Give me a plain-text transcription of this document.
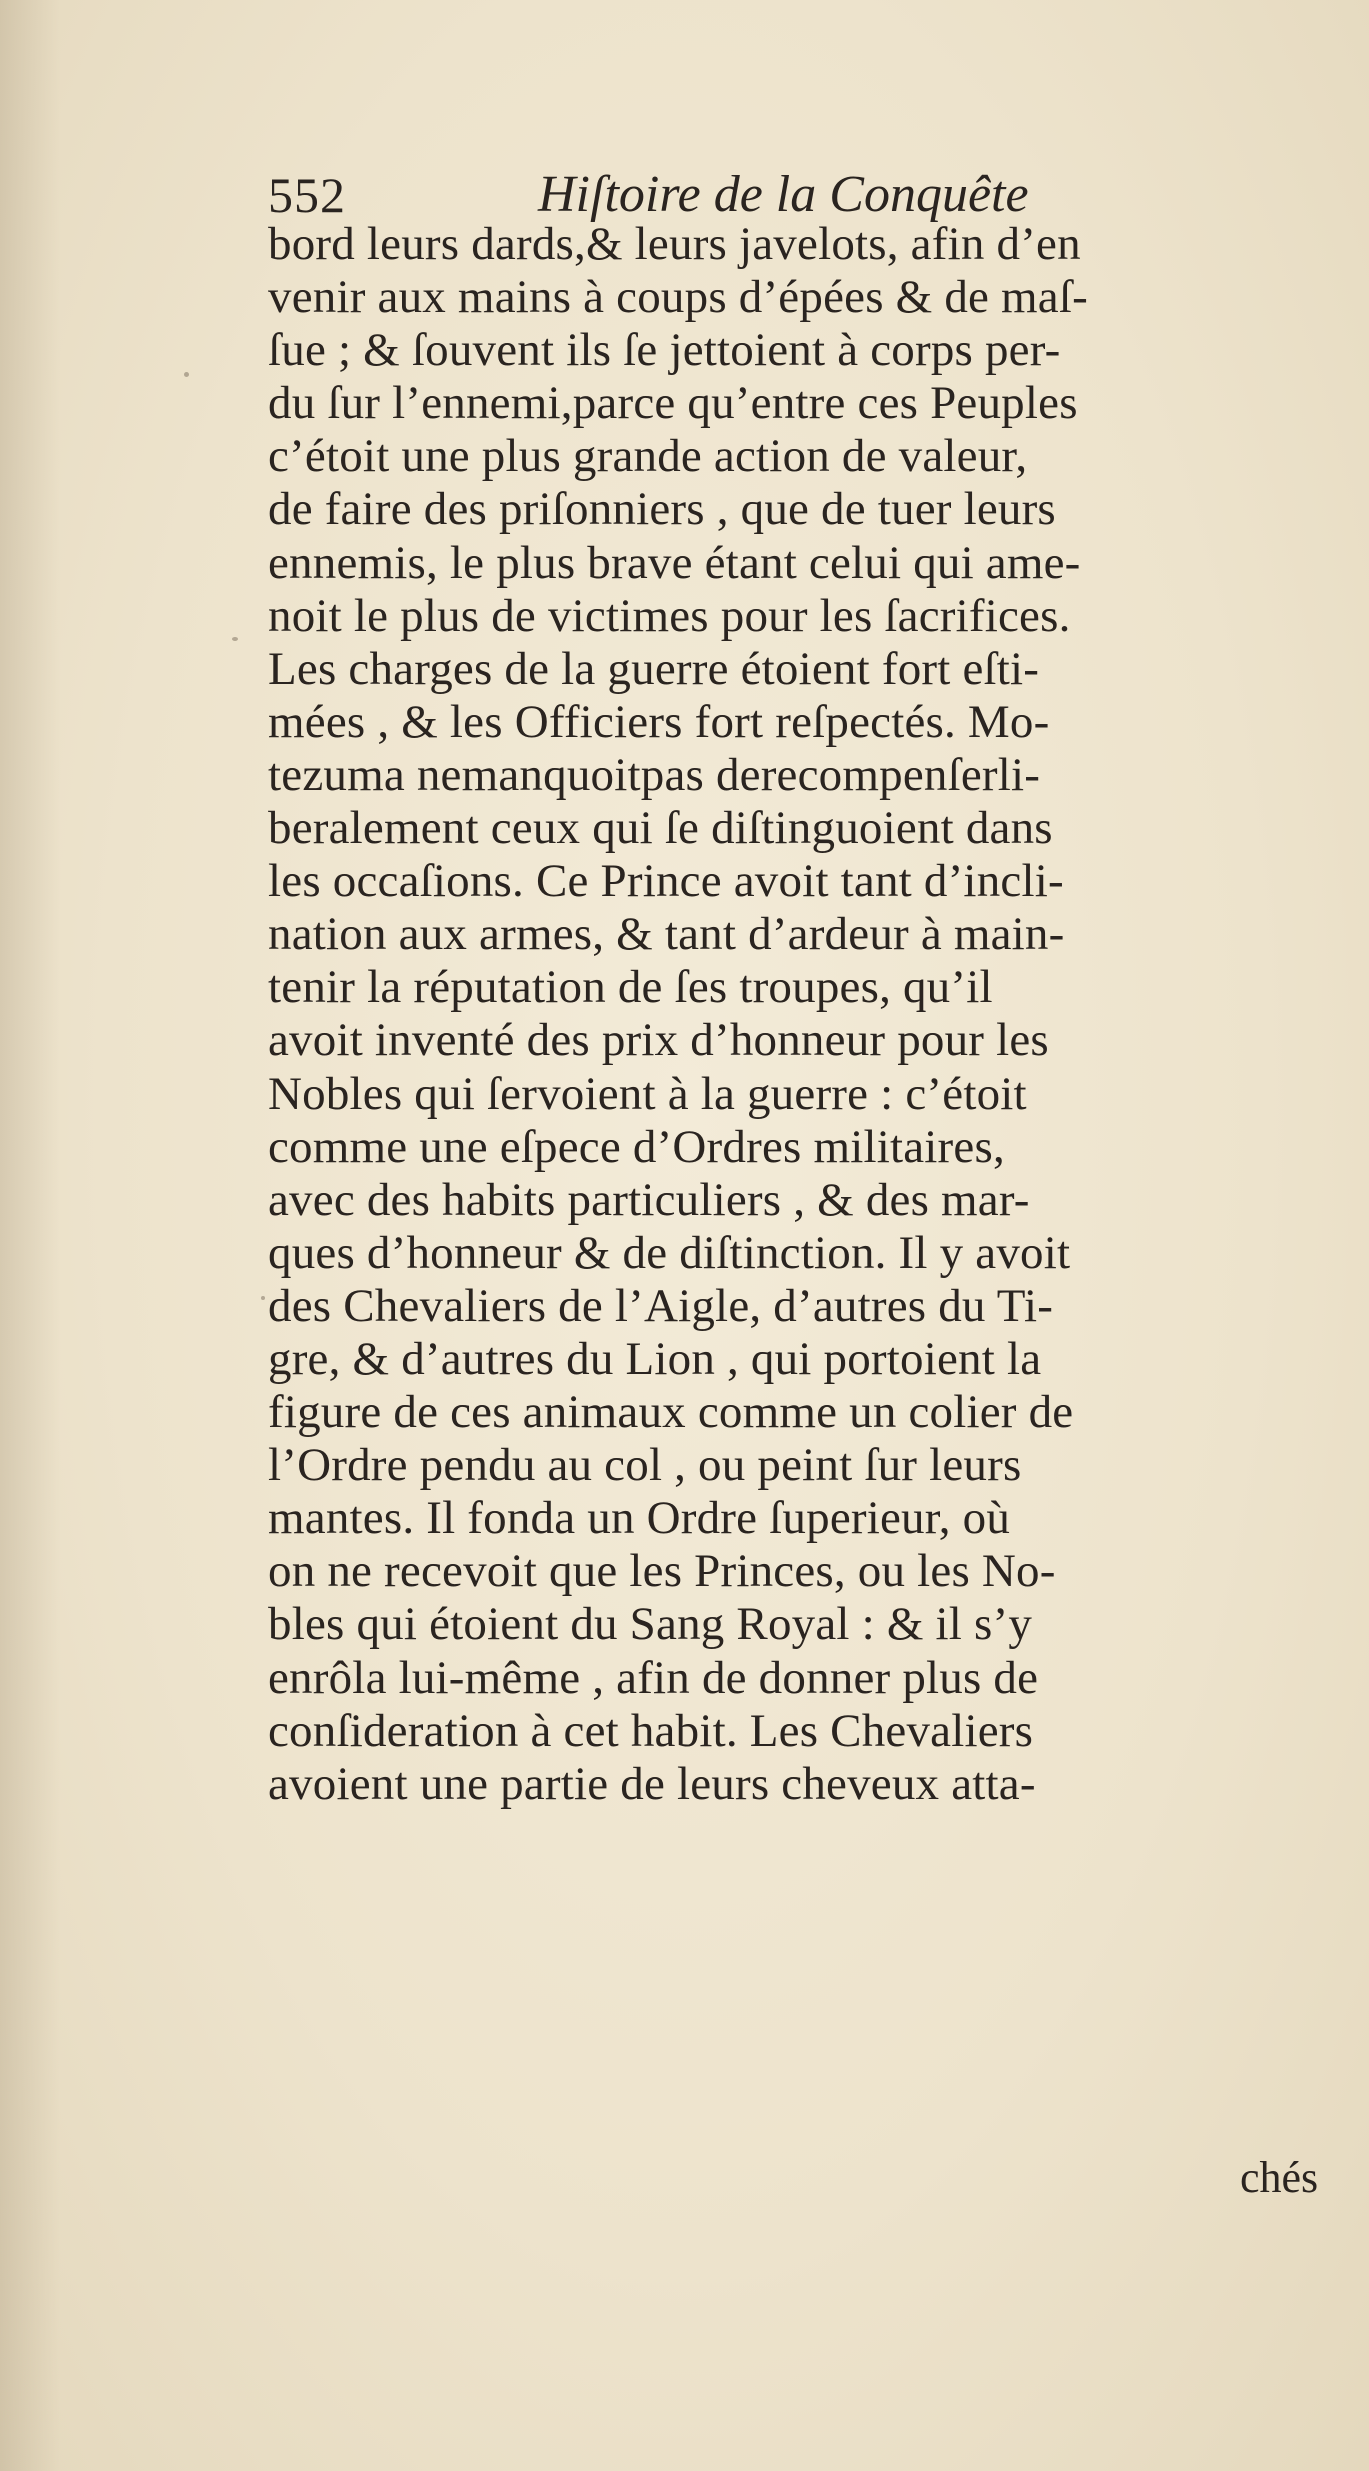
552	Hiſtoire de la Conquête
bord leurs dards,& leurs javelots, afin d’en
venir aux mains à coups d’épées & de maſ-
ſue ; & ſouvent ils ſe jettoient à corps per-
du ſur l’ennemi,parce qu’entre ces Peuples
c’étoit une plus grande action de valeur,
de faire des priſonniers , que de tuer leurs
ennemis, le plus brave étant celui qui ame-
noit le plus de victimes pour les ſacrifices.
Les charges de la guerre étoient fort eſti-
mées , & les Officiers fort reſpectés. Mo-
tezuma nemanquoitpas derecompenſerli-
beralement ceux qui ſe diſtinguoient dans
les occaſions. Ce Prince avoit tant d’incli-
nation aux armes, & tant d’ardeur à main-
tenir la réputation de ſes troupes, qu’il
avoit inventé des prix d’honneur pour les
Nobles qui ſervoient à la guerre : c’étoit
comme une eſpece d’Ordres militaires,
avec des habits particuliers , & des mar-
ques d’honneur & de diſtinction. Il y avoit
des Chevaliers de l’Aigle, d’autres du Ti-
gre, & d’autres du Lion , qui portoient la
figure de ces animaux comme un colier de
l’Ordre pendu au col , ou peint ſur leurs
mantes. Il fonda un Ordre ſuperieur, où
on ne recevoit que les Princes, ou les No-
bles qui étoient du Sang Royal : & il s’y
enrôla lui-même , afin de donner plus de
conſideration à cet habit. Les Chevaliers
avoient une partie de leurs cheveux atta-
chés
